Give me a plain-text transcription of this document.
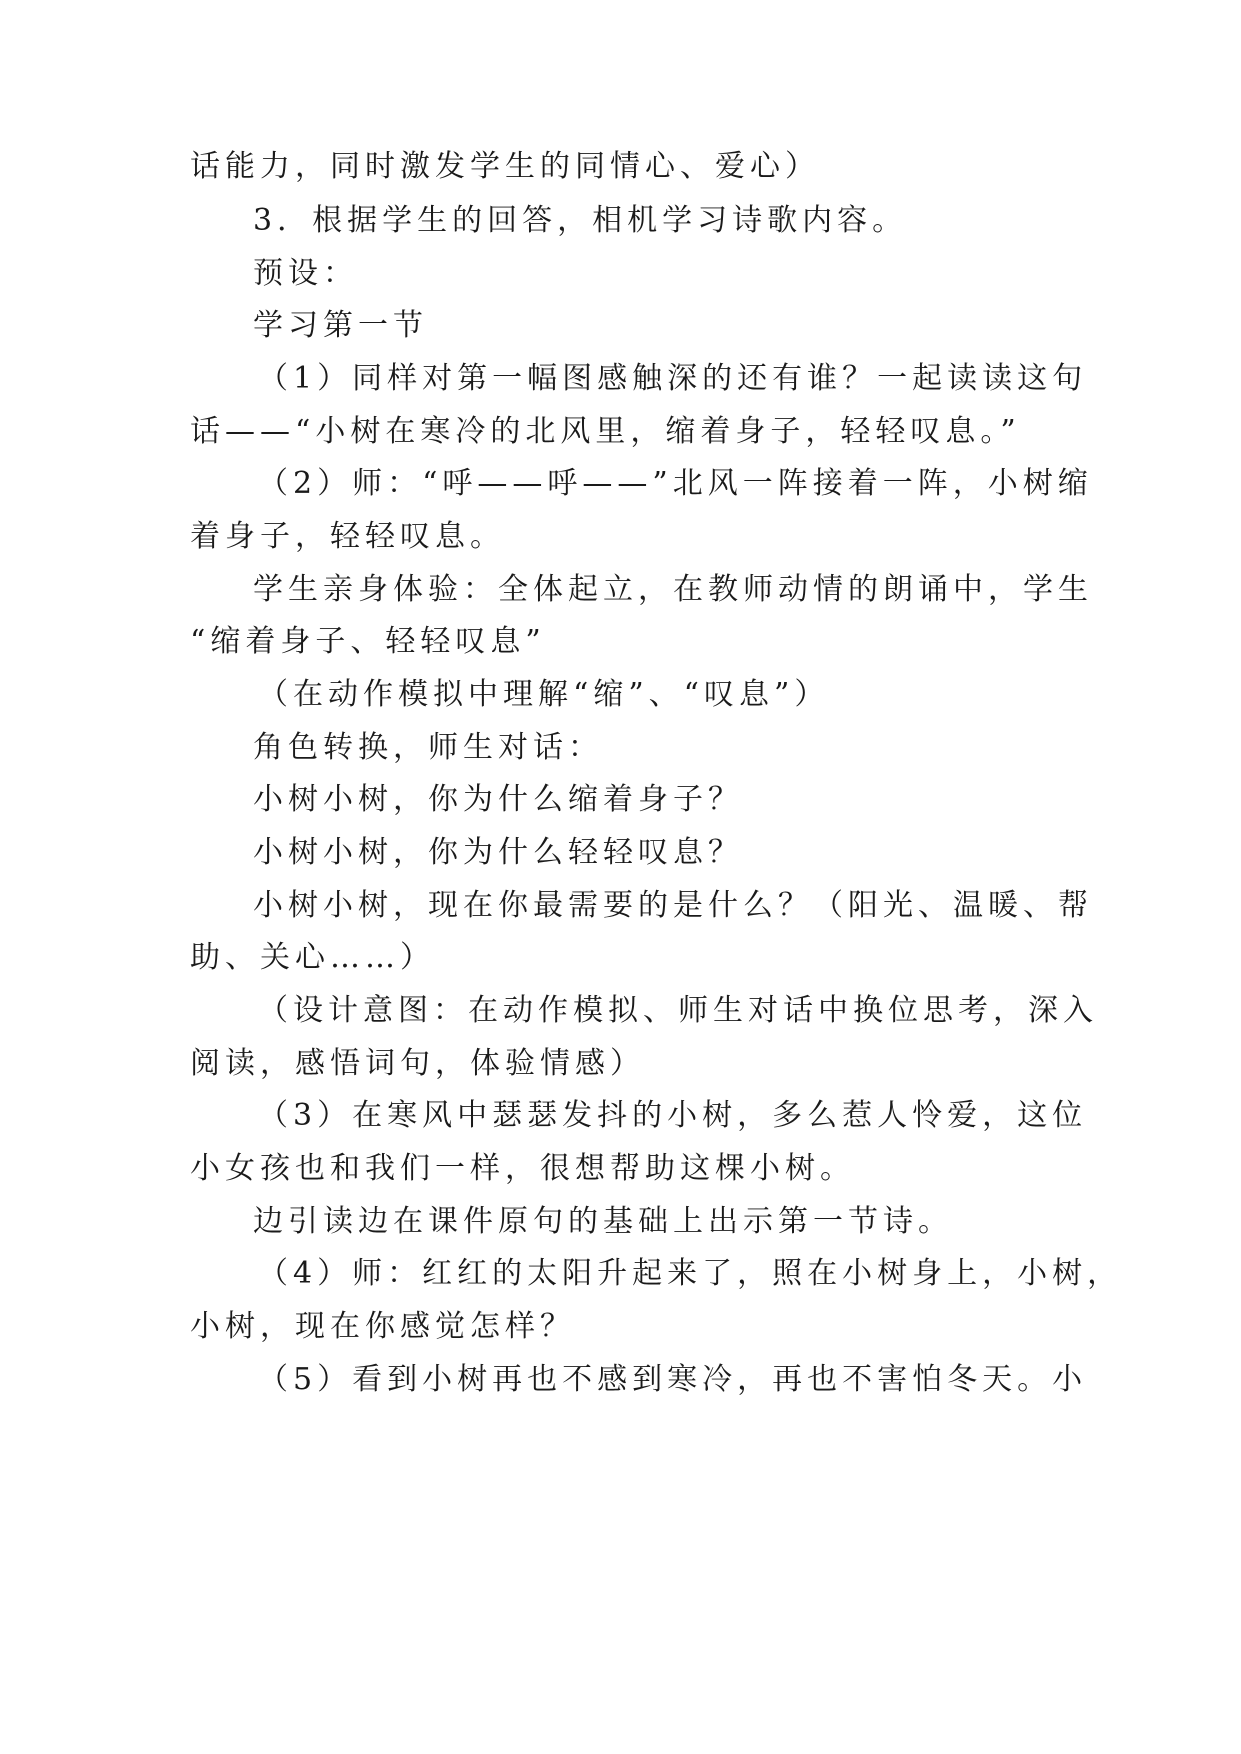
话能力，同时激发学生的同情心、爱心）
3．根据学生的回答，相机学习诗歌内容。
预设：
学习第一节
（1）同样对第一幅图感触深的还有谁？一起读读这句
话——“小树在寒冷的北风里，缩着身子，轻轻叹息。”
（2）师：“呼——呼——”北风一阵接着一阵，小树缩
着身子，轻轻叹息。
学生亲身体验：全体起立，在教师动情的朗诵中，学生
“缩着身子、轻轻叹息”
（在动作模拟中理解“缩”、“叹息”）
角色转换，师生对话：
小树小树，你为什么缩着身子？
小树小树，你为什么轻轻叹息？
小树小树，现在你最需要的是什么？（阳光、温暖、帮
助、关心……）
（设计意图：在动作模拟、师生对话中换位思考，深入
阅读，感悟词句，体验情感）
（3）在寒风中瑟瑟发抖的小树，多么惹人怜爱，这位
小女孩也和我们一样，很想帮助这棵小树。
边引读边在课件原句的基础上出示第一节诗。
（4）师：红红的太阳升起来了，照在小树身上，小树，
小树，现在你感觉怎样？
（5）看到小树再也不感到寒冷，再也不害怕冬天。小
